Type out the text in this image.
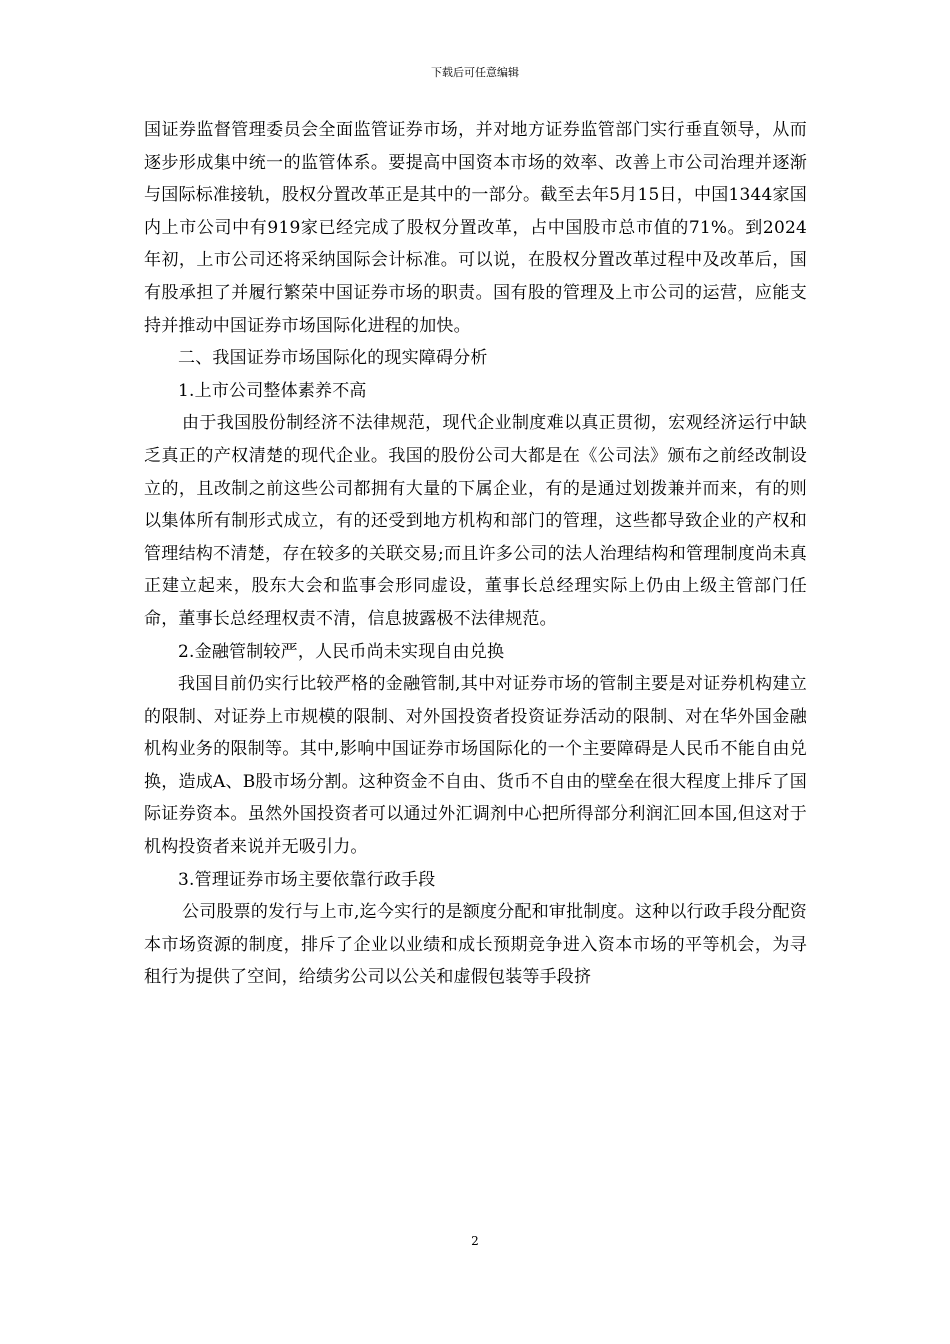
下载后可任意编辑

国证券监督管理委员会全面监管证券市场，并对地方证券监管部门实行垂直领导，从而逐步形成集中统一的监管体系。要提高中国资本市场的效率、改善上市公司治理并逐渐与国际标准接轨，股权分置改革正是其中的一部分。截至去年5月15日，中国1344家国内上市公司中有919家已经完成了股权分置改革，占中国股市总市值的71%。到2024年初，上市公司还将采纳国际会计标准。可以说，在股权分置改革过程中及改革后，国有股承担了并履行繁荣中国证券市场的职责。国有股的管理及上市公司的运营，应能支持并推动中国证券市场国际化进程的加快。

二、我国证券市场国际化的现实障碍分析

1.上市公司整体素养不高

由于我国股份制经济不法律规范，现代企业制度难以真正贯彻，宏观经济运行中缺乏真正的产权清楚的现代企业。我国的股份公司大都是在《公司法》颁布之前经改制设立的，且改制之前这些公司都拥有大量的下属企业，有的是通过划拨兼并而来，有的则以集体所有制形式成立，有的还受到地方机构和部门的管理，这些都导致企业的产权和管理结构不清楚，存在较多的关联交易;而且许多公司的法人治理结构和管理制度尚未真正建立起来，股东大会和监事会形同虚设，董事长总经理实际上仍由上级主管部门任命，董事长总经理权责不清，信息披露极不法律规范。

2.金融管制较严，人民币尚未实现自由兑换

我国目前仍实行比较严格的金融管制,其中对证券市场的管制主要是对证券机构建立的限制、对证券上市规模的限制、对外国投资者投资证券活动的限制、对在华外国金融机构业务的限制等。其中,影响中国证券市场国际化的一个主要障碍是人民币不能自由兑换，造成A、B股市场分割。这种资金不自由、货币不自由的壁垒在很大程度上排斥了国际证券资本。虽然外国投资者可以通过外汇调剂中心把所得部分利润汇回本国,但这对于机构投资者来说并无吸引力。

3.管理证券市场主要依靠行政手段

公司股票的发行与上市,迄今实行的是额度分配和审批制度。这种以行政手段分配资本市场资源的制度，排斥了企业以业绩和成长预期竞争进入资本市场的平等机会，为寻租行为提供了空间，给绩劣公司以公关和虚假包装等手段挤

2
